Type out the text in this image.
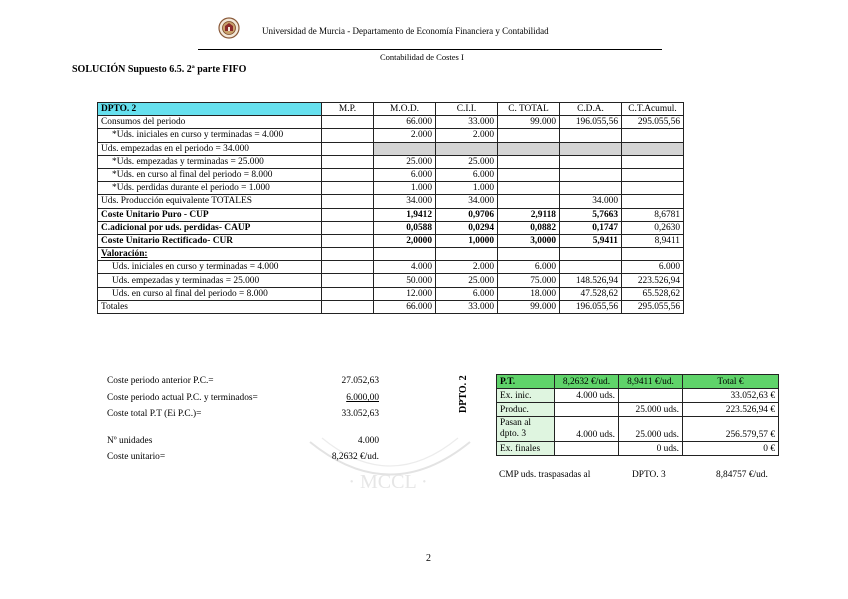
Universidad de Murcia - Departamento de Economía Financiera y Contabilidad
Contabilidad de Costes I
SOLUCIÓN Supuesto 6.5. 2ª parte FIFO
· MCCL ·
DPTO. 2	M.P.	M.O.D.	C.I.I.	C. TOTAL	C.D.A.	C.T.Acumul.
Consumos del periodo		66.000	33.000	99.000	196.055,56	295.055,56
*Uds. iniciales en curso y terminadas = 4.000		2.000	2.000			
Uds. empezadas en el periodo = 34.000						
*Uds. empezadas y terminadas = 25.000		25.000	25.000			
*Uds. en curso al final del periodo = 8.000		6.000	6.000			
*Uds. perdidas durante el periodo = 1.000		1.000	1.000			
Uds. Producción equivalente TOTALES		34.000	34.000		34.000	
Coste Unitario Puro - CUP		1,9412	0,9706	2,9118	5,7663	8,6781
C.adicional por uds. perdidas- CAUP		0,0588	0,0294	0,0882	0,1747	0,2630
Coste Unitario Rectificado- CUR		2,0000	1,0000	3,0000	5,9411	8,9411
Valoración:						
Uds. iniciales en curso y terminadas = 4.000		4.000	2.000	6.000		6.000
Uds. empezadas y terminadas = 25.000		50.000	25.000	75.000	148.526,94	223.526,94
Uds. en curso al final del periodo = 8.000		12.000	6.000	18.000	47.528,62	65.528,62
Totales		66.000	33.000	99.000	196.055,56	295.055,56
Coste periodo anterior P.C.=	27.052,63
Coste periodo actual P.C. y terminados=	6.000,00
Coste total P.T (Ei P.C.)=	33.052,63
Nº unidades	4.000
Coste unitario=	8,2632 €/ud.
DPTO. 2	P.T.	8,2632 €/ud.	8,9411 €/ud.	Total €
Ex. inic.	4.000 uds.		33.052,63 €
Produc.		25.000 uds.	223.526,94 €

Pasan al
dpto. 3	4.000 uds.	25.000 uds.	256.579,57 €
Ex. finales		0 uds.	0 €
CMP uds. traspasadas al	DPTO. 3	8,84757 €/ud.
2
